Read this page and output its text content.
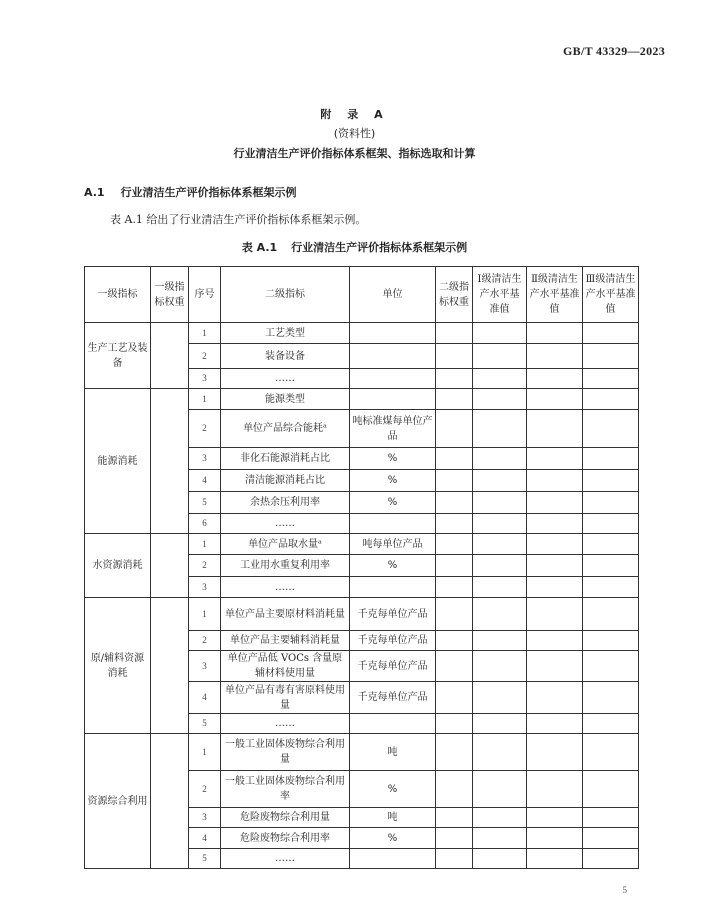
GB/T 43329—2023
附 录 A
(资料性)
行业清洁生产评价指标体系框架、指标选取和计算
A.1 行业清洁生产评价指标体系框架示例
表 A.1 给出了行业清洁生产评价指标体系框架示例。
表 A.1 行业清洁生产评价指标体系框架示例
一级指标	一级指标权重	序号	二级指标	单位	二级指标权重	Ⅰ级清洁生产水平基准值	Ⅱ级清洁生产水平基准值	Ⅲ级清洁生产水平基准值
生产工艺及装备		1	工艺类型					
		2	装备设备					
		3	……					
能源消耗		1	能源类型					
		2	单位产品综合能耗ᵃ	吨标准煤每单位产品				
		3	非化石能源消耗占比	%				
		4	清洁能源消耗占比	%				
		5	余热余压利用率	%				
		6	……					
水资源消耗		1	单位产品取水量ᵃ	吨每单位产品				
		2	工业用水重复利用率	%				
		3	……					
原/辅料资源消耗		1	单位产品主要原材料消耗量	千克每单位产品				
		2	单位产品主要辅料消耗量	千克每单位产品				
		3	单位产品低 VOCs 含量原辅材料使用量	千克每单位产品				
		4	单位产品有毒有害原料使用量	千克每单位产品				
		5	……					
资源综合利用		1	一般工业固体废物综合利用量	吨				
		2	一般工业固体废物综合利用率	%				
		3	危险废物综合利用量	吨				
		4	危险废物综合利用率	%				
		5	……					
5
